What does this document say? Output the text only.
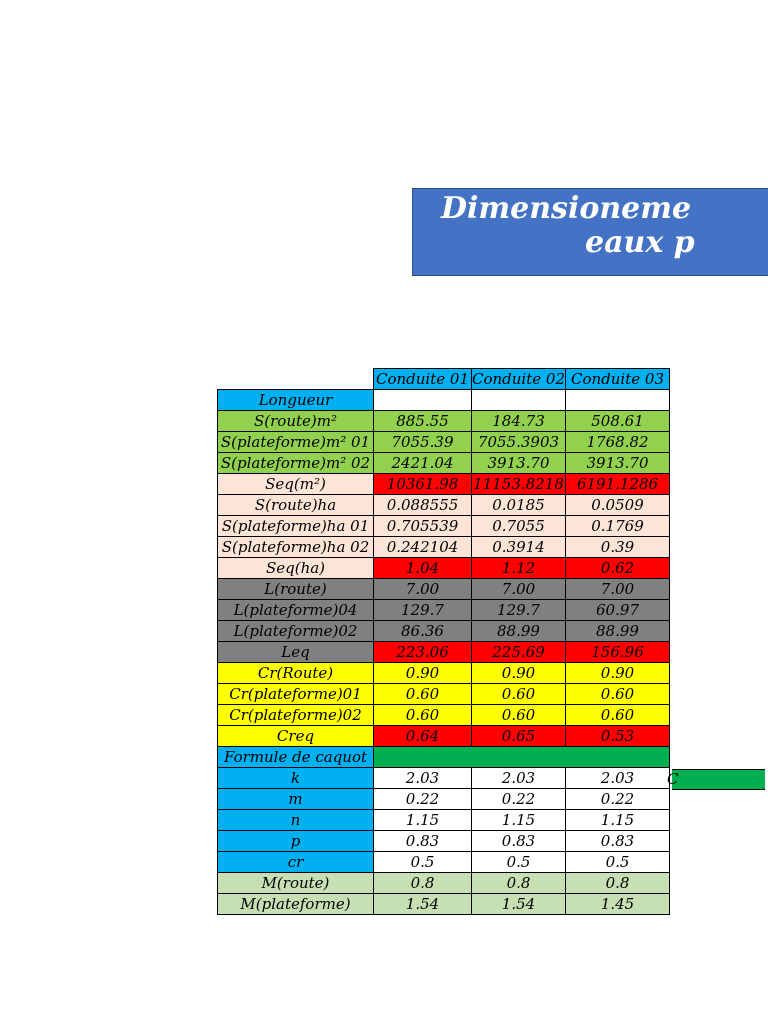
Dimensioneme
eaux p
	Conduite 01	Conduite 02	Conduite 03
Longueur			
S(route)m²	885.55	184.73	508.61
S(plateforme)m² 01	7055.39	7055.3903	1768.82
S(plateforme)m² 02	2421.04	3913.70	3913.70
Seq(m²)	10361.98	11153.8218	6191.1286
S(route)ha	0.088555	0.0185	0.0509
S(plateforme)ha 01	0.705539	0.7055	0.1769
S(plateforme)ha 02	0.242104	0.3914	0.39
Seq(ha)	1.04	1.12	0.62
L(route)	7.00	7.00	7.00
L(plateforme)04	129.7	129.7	60.97
L(plateforme)02	86.36	88.99	88.99
Leq	223.06	225.69	156.96
Cr(Route)	0.90	0.90	0.90
Cr(plateforme)01	0.60	0.60	0.60
Cr(plateforme)02	0.60	0.60	0.60
Creq	0.64	0.65	0.53
Formule de caquot			
k	2.03	2.03	2.03
m	0.22	0.22	0.22
n	1.15	1.15	1.15
p	0.83	0.83	0.83
cr	0.5	0.5	0.5
M(route)	0.8	0.8	0.8
M(plateforme)	1.54	1.54	1.45
C
